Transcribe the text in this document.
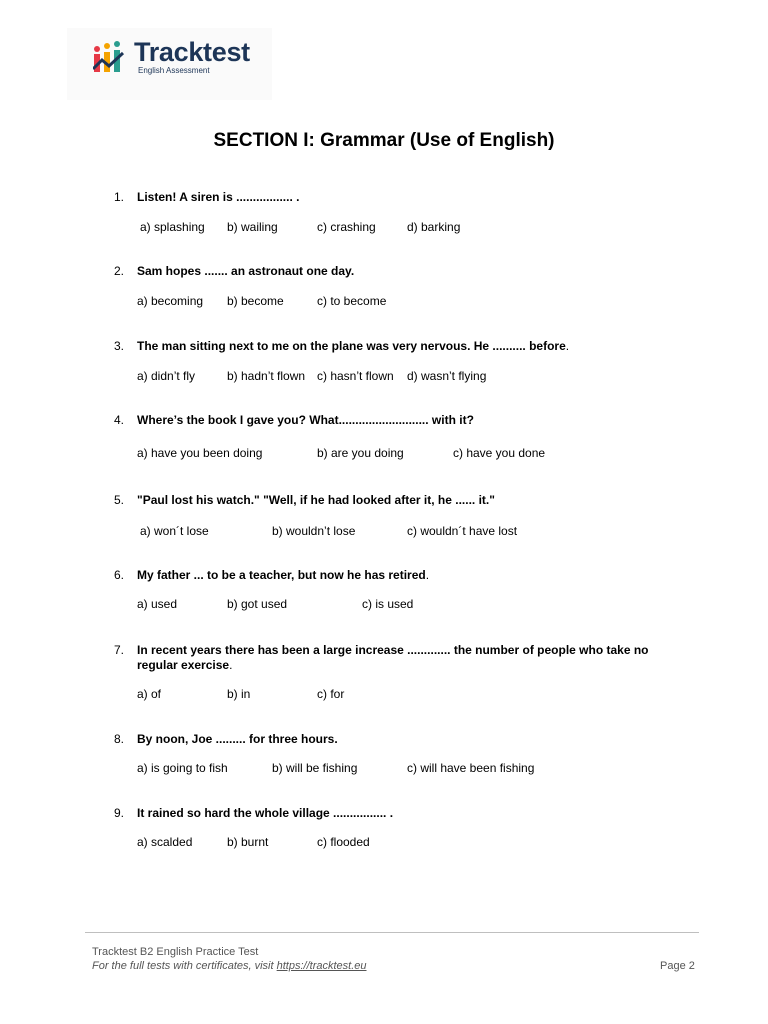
Tracktest
English Assessment
SECTION I: Grammar (Use of English)
1. Listen! A siren is ................. .
a) splashing b) wailing	c) crashing	d) barking
2. Sam hopes ....... an astronaut one day.
a) becoming b) become	c) to become
3. The man sitting next to me on the plane was very nervous. He .......... before.
a) didn’t fly	b) hadn’t flown c) hasn’t flown d) wasn’t flying
4. Where’s the book I gave you? What........................... with it?
a) have you been doing	b) are you doing	c) have you done
5. "Paul lost his watch." "Well, if he had looked after it, he ...... it."
a) won´t lose	b) wouldn’t lose	c) wouldn´t have lost
6. My father ... to be a teacher, but now he has retired.
a) used	b) got used	c) is used
7. In recent years there has been a large increase ............. the number of people who take no regular exercise.
a) of	b) in	c) for
8. By noon, Joe ......... for three hours.
a) is going to fish	b) will be fishing	c) will have been fishing
9. It rained so hard the whole village ................ .
a) scalded	b) burnt	c) flooded
Tracktest B2 English Practice Test
For the full tests with certificates, visit https://tracktest.eu	Page 2
